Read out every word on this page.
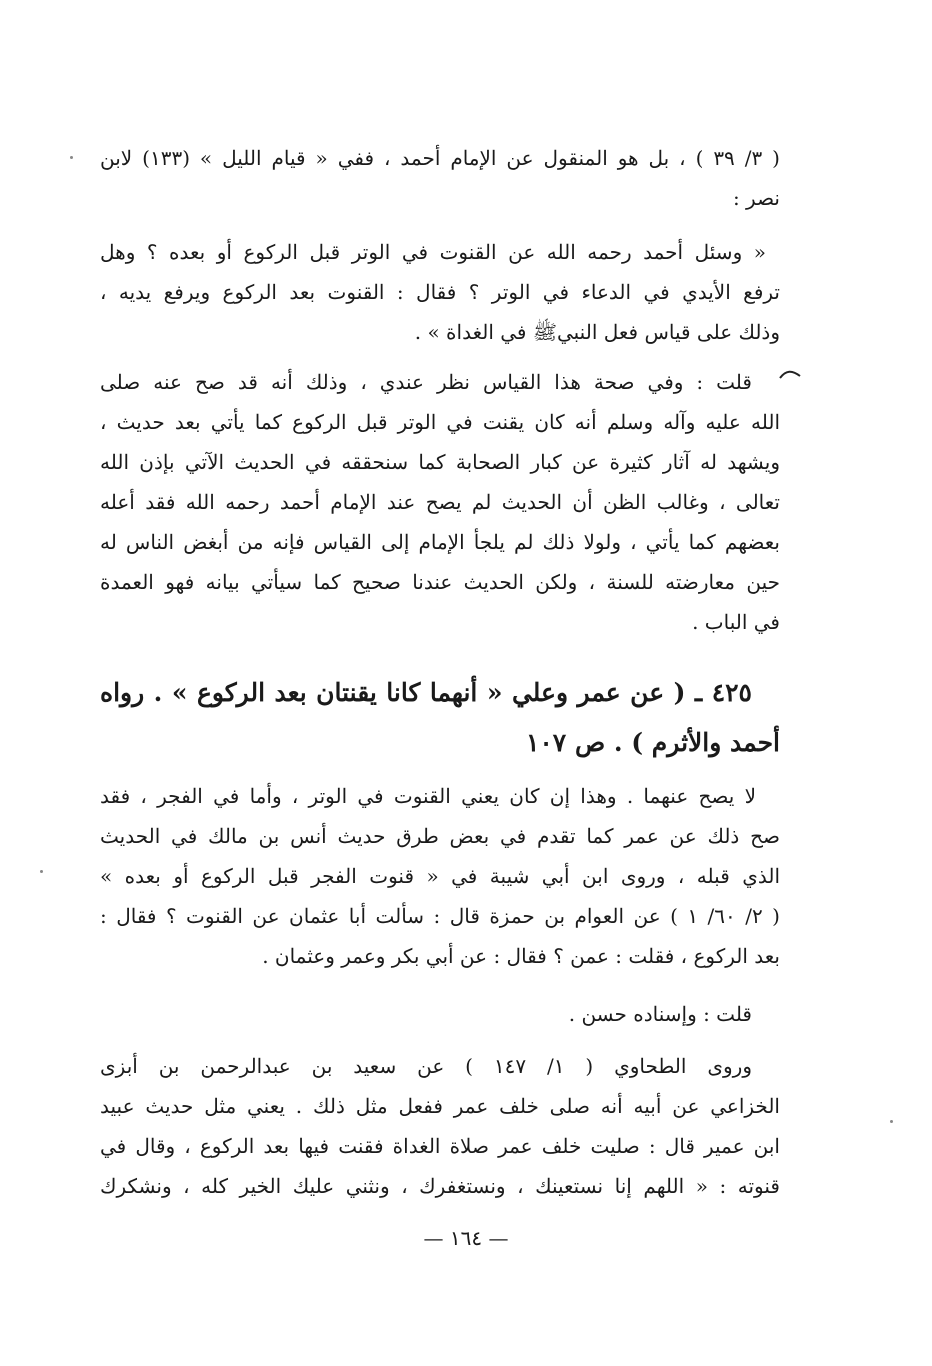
( ٣/ ٣٩ ) ، بل هو المنقول عن الإمام أحمد ، ففي « قيام الليل » (١٣٣) لابن
نصر :
« وسئل أحمد رحمه الله عن القنوت في الوتر قبل الركوع أو بعده ؟ وهل
ترفع الأيدي في الدعاء في الوتر ؟ فقال : القنوت بعد الركوع ويرفع يديه ،
وذلك على قياس فعل النبيﷺ في الغداة » .
قلت : وفي صحة هذا القياس نظر عندي ، وذلك أنه قد صح عنه صلى
الله عليه وآله وسلم أنه كان يقنت في الوتر قبل الركوع كما يأتي بعد حديث ،
ويشهد له آثار كثيرة عن كبار الصحابة كما سنحققه في الحديث الآتي بإذن الله
تعالى ، وغالب الظن أن الحديث لم يصح عند الإمام أحمد رحمه الله فقد أعله
بعضهم كما يأتي ، ولولا ذلك لم يلجأ الإمام إلى القياس فإنه من أبغض الناس له
حين معارضته للسنة ، ولكن الحديث عندنا صحيح كما سيأتي بيانه فهو العمدة
في الباب .
٤٢٥ ـ ( عن عمر وعلي « أنهما كانا يقنتان بعد الركوع » . رواه
أحمد والأثرم ) . ص ١٠٧
لا يصح عنهما . وهذا إن كان يعني القنوت في الوتر ، وأما في الفجر ، فقد
صح ذلك عن عمر كما تقدم في بعض طرق حديث أنس بن مالك في الحديث
الذي قبله ، وروى ابن أبي شيبة في « قنوت الفجر قبل الركوع أو بعده »
( ٢/ ٦٠/ ١ ) عن العوام بن حمزة قال : سألت أبا عثمان عن القنوت ؟ فقال :
بعد الركوع ، فقلت : عمن ؟ فقال : عن أبي بكر وعمر وعثمان .
قلت : وإسناده حسن .
وروى الطحاوي ( ١/ ١٤٧ ) عن سعيد بن عبدالرحمن بن أبزى
الخزاعي عن أبيه أنه صلى خلف عمر ففعل مثل ذلك . يعني مثل حديث عبيد
ابن عمير قال : صليت خلف عمر صلاة الغداة فقنت فيها بعد الركوع ، وقال في
قنوته : « اللهم إنا نستعينك ، ونستغفرك ، ونثني عليك الخير كله ، ونشكرك
— ١٦٤ —
